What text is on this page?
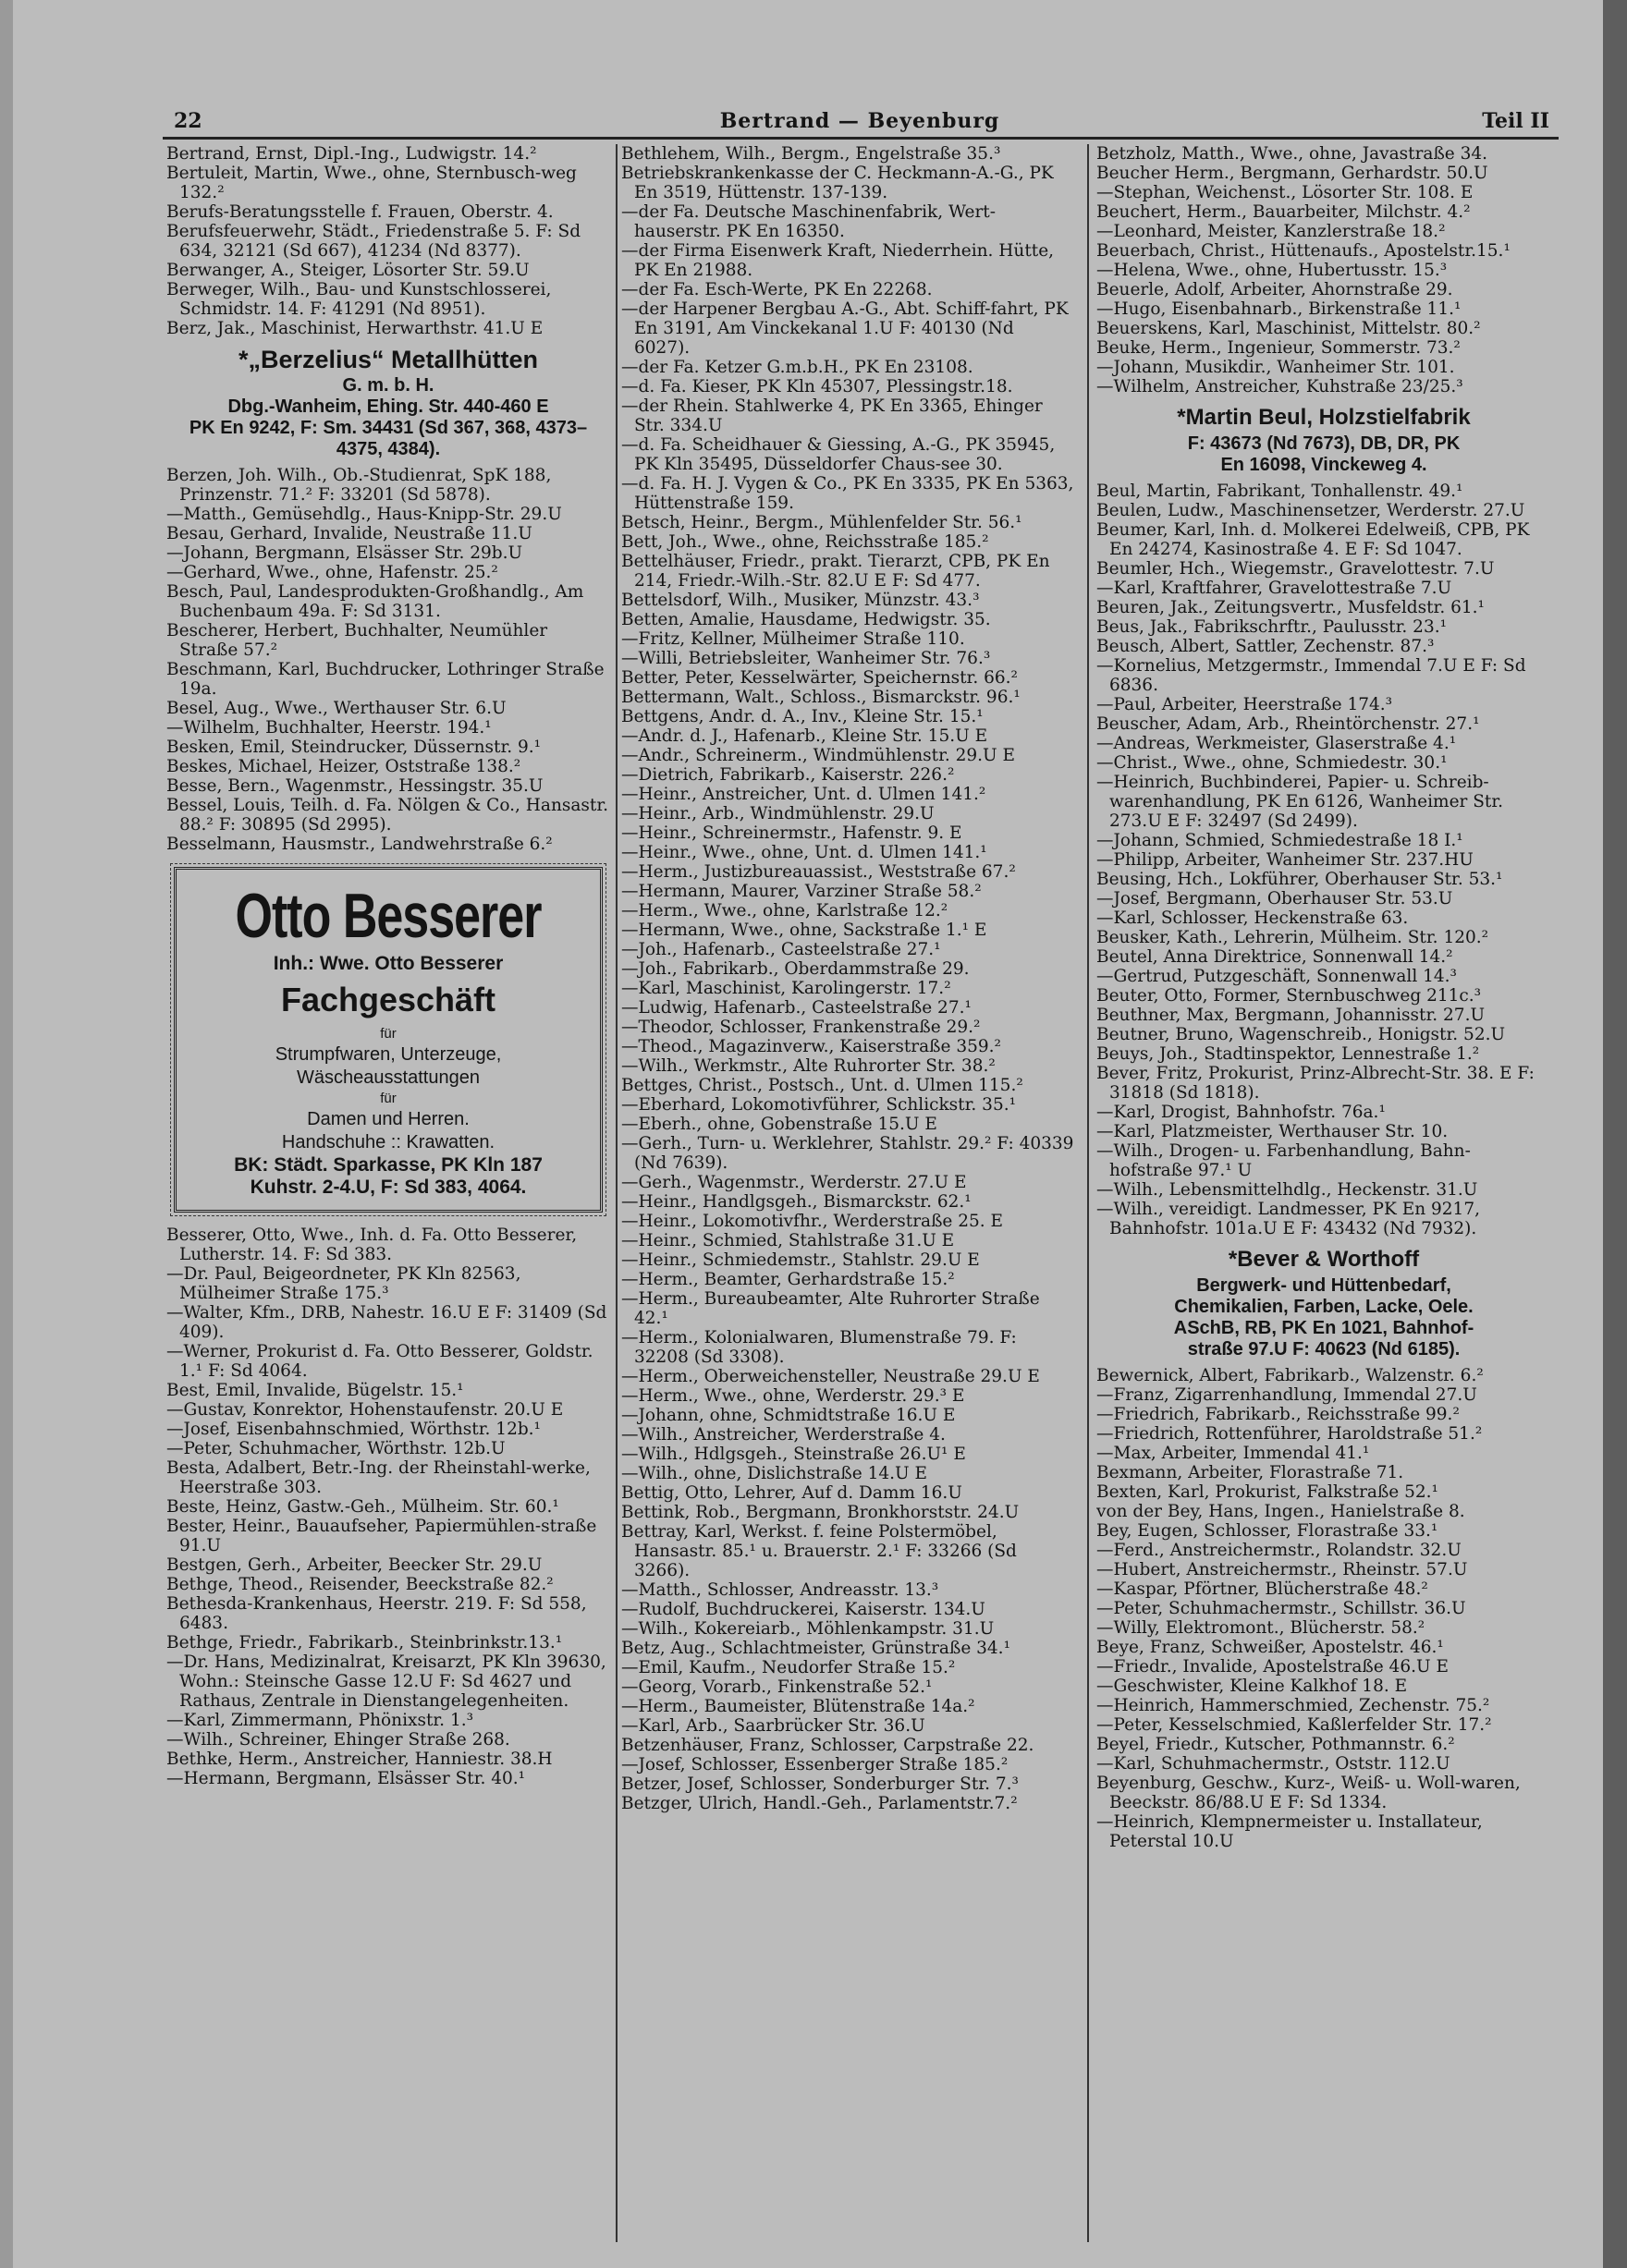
22	Bertrand — Beyenburg	Teil II

Bertrand, Ernst, Dipl.-Ing., Ludwigstr. 14.²

Bertuleit, Martin, Wwe., ohne, Sternbusch-weg 132.²

Berufs-Beratungsstelle f. Frauen, Oberstr. 4.

Berufsfeuerwehr, Städt., Friedenstraße 5. F: Sd 634, 32121 (Sd 667), 41234 (Nd 8377).

Berwanger, A., Steiger, Lösorter Str. 59.U

Berweger, Wilh., Bau- und Kunstschlosserei, Schmidstr. 14. F: 41291 (Nd 8951).

Berz, Jak., Maschinist, Herwarthstr. 41.U E

*„Berzelius“ Metallhütten
G. m. b. H.
Dbg.-Wanheim, Ehing. Str. 440-460 E
PK En 9242, F: Sm. 34431 (Sd 367, 368, 4373–4375, 4384).

Berzen, Joh. Wilh., Ob.-Studienrat, SpK 188, Prinzenstr. 71.² F: 33201 (Sd 5878).

—Matth., Gemüsehdlg., Haus-Knipp-Str. 29.U

Besau, Gerhard, Invalide, Neustraße 11.U

—Johann, Bergmann, Elsässer Str. 29b.U

—Gerhard, Wwe., ohne, Hafenstr. 25.²

Besch, Paul, Landesprodukten-Großhandlg., Am Buchenbaum 49a. F: Sd 3131.

Bescherer, Herbert, Buchhalter, Neumühler Straße 57.²

Beschmann, Karl, Buchdrucker, Lothringer Straße 19a.

Besel, Aug., Wwe., Werthauser Str. 6.U

—Wilhelm, Buchhalter, Heerstr. 194.¹

Besken, Emil, Steindrucker, Düssernstr. 9.¹

Beskes, Michael, Heizer, Oststraße 138.²

Besse, Bern., Wagenmstr., Hessingstr. 35.U

Bessel, Louis, Teilh. d. Fa. Nölgen & Co., Hansastr. 88.² F: 30895 (Sd 2995).

Besselmann, Hausmstr., Landwehrstraße 6.²

Otto Besserer
Inh.: Wwe. Otto Besserer
Fachgeschäft
für
Strumpfwaren, Unterzeuge, Wäscheausstattungen
für
Damen und Herren.
Handschuhe :: Krawatten.
BK: Städt. Sparkasse, PK Kln 187
Kuhstr. 2-4.U, F: Sd 383, 4064.

Besserer, Otto, Wwe., Inh. d. Fa. Otto Besserer, Lutherstr. 14. F: Sd 383.

—Dr. Paul, Beigeordneter, PK Kln 82563, Mülheimer Straße 175.³

—Walter, Kfm., DRB, Nahestr. 16.U E F: 31409 (Sd 409).

—Werner, Prokurist d. Fa. Otto Besserer, Goldstr. 1.¹ F: Sd 4064.

Best, Emil, Invalide, Bügelstr. 15.¹

—Gustav, Konrektor, Hohenstaufenstr. 20.U E

—Josef, Eisenbahnschmied, Wörthstr. 12b.¹

—Peter, Schuhmacher, Wörthstr. 12b.U

Besta, Adalbert, Betr.-Ing. der Rheinstahl-werke, Heerstraße 303.

Beste, Heinz, Gastw.-Geh., Mülheim. Str. 60.¹

Bester, Heinr., Bauaufseher, Papiermühlen-straße 91.U

Bestgen, Gerh., Arbeiter, Beecker Str. 29.U

Bethge, Theod., Reisender, Beeckstraße 82.²

Bethesda-Krankenhaus, Heerstr. 219. F: Sd 558, 6483.

Bethge, Friedr., Fabrikarb., Steinbrinkstr.13.¹

—Dr. Hans, Medizinalrat, Kreisarzt, PK Kln 39630, Wohn.: Steinsche Gasse 12.U F: Sd 4627 und Rathaus, Zentrale in Dienstangelegenheiten.

—Karl, Zimmermann, Phönixstr. 1.³

—Wilh., Schreiner, Ehinger Straße 268.

Bethke, Herm., Anstreicher, Hanniestr. 38.H

—Hermann, Bergmann, Elsässer Str. 40.¹

Bethlehem, Wilh., Bergm., Engelstraße 35.³

Betriebskrankenkasse der C. Heckmann-A.-G., PK En 3519, Hüttenstr. 137-139.

—der Fa. Deutsche Maschinenfabrik, Wert-hauserstr. PK En 16350.

—der Firma Eisenwerk Kraft, Niederrhein. Hütte, PK En 21988.

—der Fa. Esch-Werte, PK En 22268.

—der Harpener Bergbau A.-G., Abt. Schiff-fahrt, PK En 3191, Am Vinckekanal 1.U F: 40130 (Nd 6027).

—der Fa. Ketzer G.m.b.H., PK En 23108.

—d. Fa. Kieser, PK Kln 45307, Plessingstr.18.

—der Rhein. Stahlwerke 4, PK En 3365, Ehinger Str. 334.U

—d. Fa. Scheidhauer & Giessing, A.-G., PK 35945, PK Kln 35495, Düsseldorfer Chaus-see 30.

—d. Fa. H. J. Vygen & Co., PK En 3335, PK En 5363, Hüttenstraße 159.

Betsch, Heinr., Bergm., Mühlenfelder Str. 56.¹

Bett, Joh., Wwe., ohne, Reichsstraße 185.²

Bettelhäuser, Friedr., prakt. Tierarzt, CPB, PK En 214, Friedr.-Wilh.-Str. 82.U E F: Sd 477.

Bettelsdorf, Wilh., Musiker, Münzstr. 43.³

Betten, Amalie, Hausdame, Hedwigstr. 35.

—Fritz, Kellner, Mülheimer Straße 110.

—Willi, Betriebsleiter, Wanheimer Str. 76.³

Better, Peter, Kesselwärter, Speichernstr. 66.²

Bettermann, Walt., Schloss., Bismarckstr. 96.¹

Bettgens, Andr. d. A., Inv., Kleine Str. 15.¹

—Andr. d. J., Hafenarb., Kleine Str. 15.U E

—Andr., Schreinerm., Windmühlenstr. 29.U E

—Dietrich, Fabrikarb., Kaiserstr. 226.²

—Heinr., Anstreicher, Unt. d. Ulmen 141.²

—Heinr., Arb., Windmühlenstr. 29.U

—Heinr., Schreinermstr., Hafenstr. 9. E

—Heinr., Wwe., ohne, Unt. d. Ulmen 141.¹

—Herm., Justizbureauassist., Weststraße 67.²

—Hermann, Maurer, Varziner Straße 58.²

—Herm., Wwe., ohne, Karlstraße 12.²

—Hermann, Wwe., ohne, Sackstraße 1.¹ E

—Joh., Hafenarb., Casteelstraße 27.¹

—Joh., Fabrikarb., Oberdammstraße 29.

—Karl, Maschinist, Karolingerstr. 17.²

—Ludwig, Hafenarb., Casteelstraße 27.¹

—Theodor, Schlosser, Frankenstraße 29.²

—Theod., Magazinverw., Kaiserstraße 359.²

—Wilh., Werkmstr., Alte Ruhrorter Str. 38.²

Bettges, Christ., Postsch., Unt. d. Ulmen 115.²

—Eberhard, Lokomotivführer, Schlickstr. 35.¹

—Eberh., ohne, Gobenstraße 15.U E

—Gerh., Turn- u. Werklehrer, Stahlstr. 29.² F: 40339 (Nd 7639).

—Gerh., Wagenmstr., Werderstr. 27.U E

—Heinr., Handlgsgeh., Bismarckstr. 62.¹

—Heinr., Lokomotivfhr., Werderstraße 25. E

—Heinr., Schmied, Stahlstraße 31.U E

—Heinr., Schmiedemstr., Stahlstr. 29.U E

—Herm., Beamter, Gerhardstraße 15.²

—Herm., Bureaubeamter, Alte Ruhrorter Straße 42.¹

—Herm., Kolonialwaren, Blumenstraße 79. F: 32208 (Sd 3308).

—Herm., Oberweichensteller, Neustraße 29.U E

—Herm., Wwe., ohne, Werderstr. 29.³ E

—Johann, ohne, Schmidtstraße 16.U E

—Wilh., Anstreicher, Werderstraße 4.

—Wilh., Hdlgsgeh., Steinstraße 26.U¹ E

—Wilh., ohne, Dislichstraße 14.U E

Bettig, Otto, Lehrer, Auf d. Damm 16.U

Bettink, Rob., Bergmann, Bronkhorststr. 24.U

Bettray, Karl, Werkst. f. feine Polstermöbel, Hansastr. 85.¹ u. Brauerstr. 2.¹ F: 33266 (Sd 3266).

—Matth., Schlosser, Andreasstr. 13.³

—Rudolf, Buchdruckerei, Kaiserstr. 134.U

—Wilh., Kokereiarb., Möhlenkampstr. 31.U

Betz, Aug., Schlachtmeister, Grünstraße 34.¹

—Emil, Kaufm., Neudorfer Straße 15.²

—Georg, Vorarb., Finkenstraße 52.¹

—Herm., Baumeister, Blütenstraße 14a.²

—Karl, Arb., Saarbrücker Str. 36.U

Betzenhäuser, Franz, Schlosser, Carpstraße 22.

—Josef, Schlosser, Essenberger Straße 185.²

Betzer, Josef, Schlosser, Sonderburger Str. 7.³

Betzger, Ulrich, Handl.-Geh., Parlamentstr.7.²

Betzholz, Matth., Wwe., ohne, Javastraße 34.

Beucher Herm., Bergmann, Gerhardstr. 50.U

—Stephan, Weichenst., Lösorter Str. 108. E

Beuchert, Herm., Bauarbeiter, Milchstr. 4.²

—Leonhard, Meister, Kanzlerstraße 18.²

Beuerbach, Christ., Hüttenaufs., Apostelstr.15.¹

—Helena, Wwe., ohne, Hubertusstr. 15.³

Beuerle, Adolf, Arbeiter, Ahornstraße 29.

—Hugo, Eisenbahnarb., Birkenstraße 11.¹

Beuerskens, Karl, Maschinist, Mittelstr. 80.²

Beuke, Herm., Ingenieur, Sommerstr. 73.²

—Johann, Musikdir., Wanheimer Str. 101.

—Wilhelm, Anstreicher, Kuhstraße 23/25.³

*Martin Beul, Holzstielfabrik
F: 43673 (Nd 7673), DB, DR, PK
En 16098, Vinckeweg 4.

Beul, Martin, Fabrikant, Tonhallenstr. 49.¹

Beulen, Ludw., Maschinensetzer, Werderstr. 27.U

Beumer, Karl, Inh. d. Molkerei Edelweiß, CPB, PK En 24274, Kasinostraße 4. E F: Sd 1047.

Beumler, Hch., Wiegemstr., Gravelottestr. 7.U

—Karl, Kraftfahrer, Gravelottestraße 7.U

Beuren, Jak., Zeitungsvertr., Musfeldstr. 61.¹

Beus, Jak., Fabrikschrftr., Paulusstr. 23.¹

Beusch, Albert, Sattler, Zechenstr. 87.³

—Kornelius, Metzgermstr., Immendal 7.U E F: Sd 6836.

—Paul, Arbeiter, Heerstraße 174.³

Beuscher, Adam, Arb., Rheintörchenstr. 27.¹

—Andreas, Werkmeister, Glaserstraße 4.¹

—Christ., Wwe., ohne, Schmiedestr. 30.¹

—Heinrich, Buchbinderei, Papier- u. Schreib-warenhandlung, PK En 6126, Wanheimer Str. 273.U E F: 32497 (Sd 2499).

—Johann, Schmied, Schmiedestraße 18 I.¹

—Philipp, Arbeiter, Wanheimer Str. 237.HU

Beusing, Hch., Lokführer, Oberhauser Str. 53.¹

—Josef, Bergmann, Oberhauser Str. 53.U

—Karl, Schlosser, Heckenstraße 63.

Beusker, Kath., Lehrerin, Mülheim. Str. 120.²

Beutel, Anna Direktrice, Sonnenwall 14.²

—Gertrud, Putzgeschäft, Sonnenwall 14.³

Beuter, Otto, Former, Sternbuschweg 211c.³

Beuthner, Max, Bergmann, Johannisstr. 27.U

Beutner, Bruno, Wagenschreib., Honigstr. 52.U

Beuys, Joh., Stadtinspektor, Lennestraße 1.²

Bever, Fritz, Prokurist, Prinz-Albrecht-Str. 38. E F: 31818 (Sd 1818).

—Karl, Drogist, Bahnhofstr. 76a.¹

—Karl, Platzmeister, Werthauser Str. 10.

—Wilh., Drogen- u. Farbenhandlung, Bahn-hofstraße 97.¹ U

—Wilh., Lebensmittelhdlg., Heckenstr. 31.U

—Wilh., vereidigt. Landmesser, PK En 9217, Bahnhofstr. 101a.U E F: 43432 (Nd 7932).

*Bever & Worthoff
Bergwerk- und Hüttenbedarf,
Chemikalien, Farben, Lacke, Oele.
ASchB, RB, PK En 1021, Bahnhof-
straße 97.U F: 40623 (Nd 6185).

Bewernick, Albert, Fabrikarb., Walzenstr. 6.²

—Franz, Zigarrenhandlung, Immendal 27.U

—Friedrich, Fabrikarb., Reichsstraße 99.²

—Friedrich, Rottenführer, Haroldstraße 51.²

—Max, Arbeiter, Immendal 41.¹

Bexmann, Arbeiter, Florastraße 71.

Bexten, Karl, Prokurist, Falkstraße 52.¹

von der Bey, Hans, Ingen., Hanielstraße 8.

Bey, Eugen, Schlosser, Florastraße 33.¹

—Ferd., Anstreichermstr., Rolandstr. 32.U

—Hubert, Anstreichermstr., Rheinstr. 57.U

—Kaspar, Pförtner, Blücherstraße 48.²

—Peter, Schuhmachermstr., Schillstr. 36.U

—Willy, Elektromont., Blücherstr. 58.²

Beye, Franz, Schweißer, Apostelstr. 46.¹

—Friedr., Invalide, Apostelstraße 46.U E

—Geschwister, Kleine Kalkhof 18. E

—Heinrich, Hammerschmied, Zechenstr. 75.²

—Peter, Kesselschmied, Kaßlerfelder Str. 17.²

Beyel, Friedr., Kutscher, Pothmannstr. 6.²

—Karl, Schuhmachermstr., Oststr. 112.U

Beyenburg, Geschw., Kurz-, Weiß- u. Woll-waren, Beeckstr. 86/88.U E F: Sd 1334.

—Heinrich, Klempnermeister u. Installateur, Peterstal 10.U
